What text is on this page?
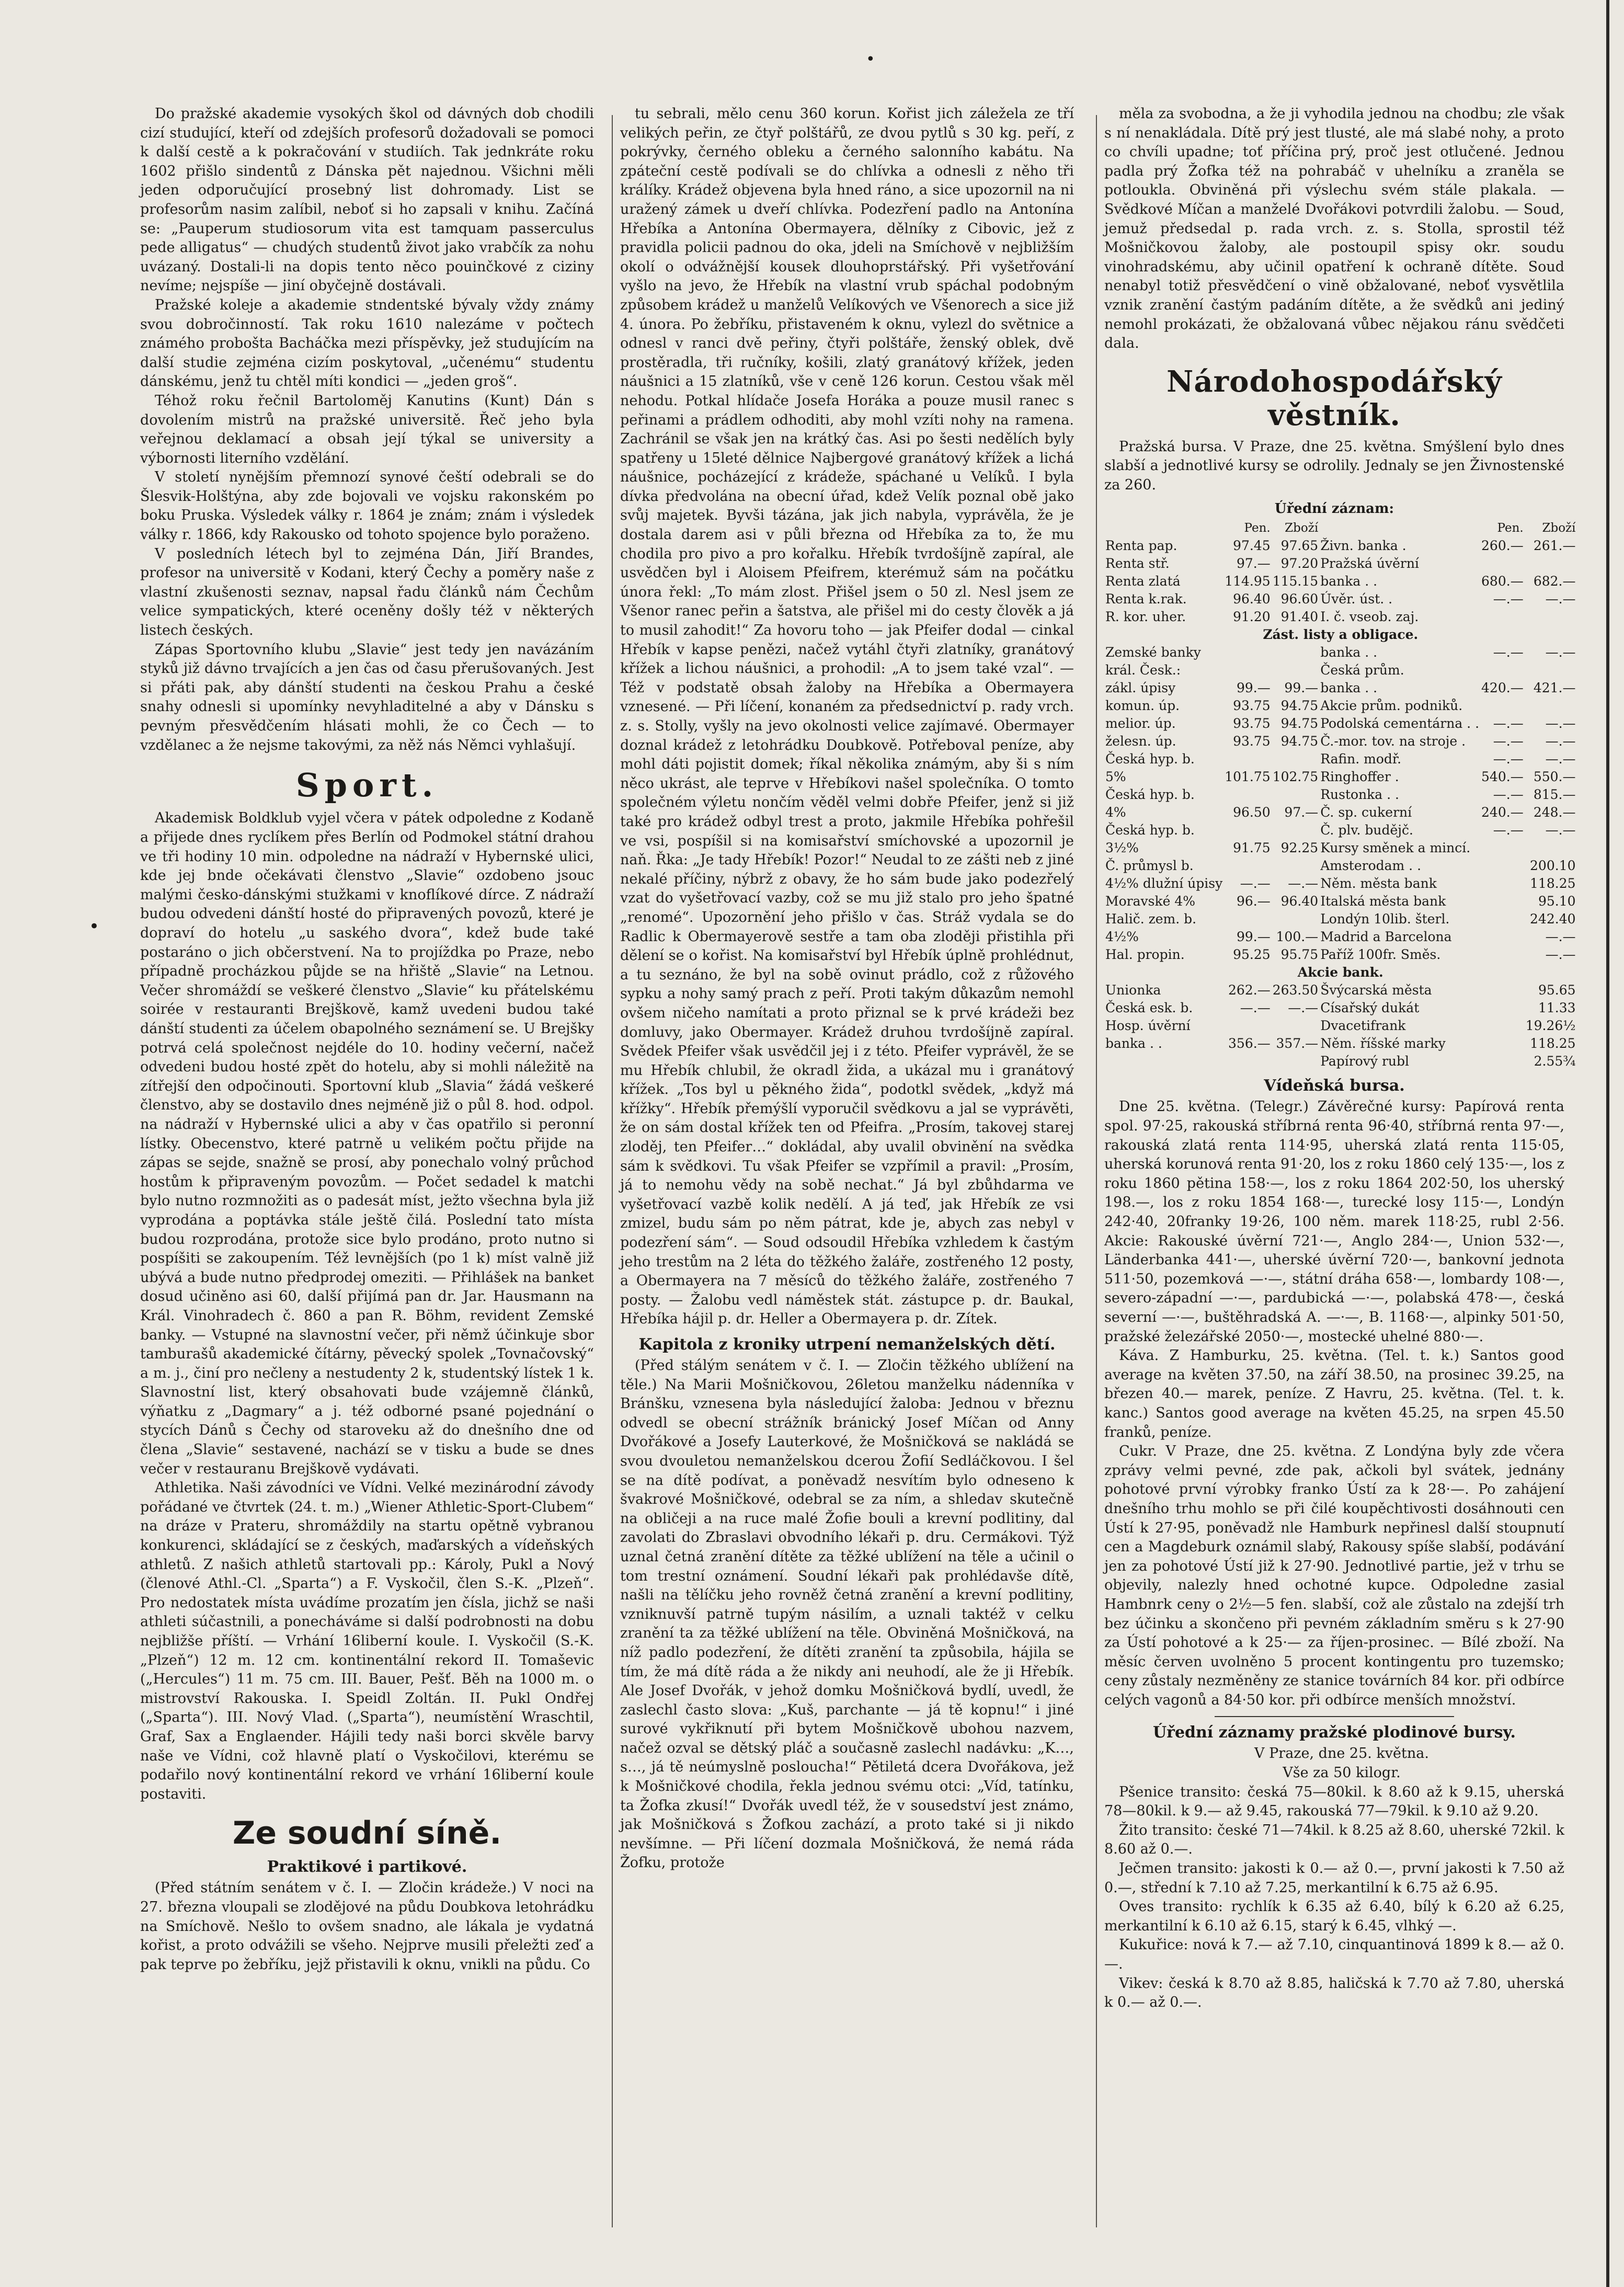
•
•

Do pražské akademie vysokých škol od dávných dob chodili cizí studující, kteří od zdejších profesorů dožadovali se pomoci k další cestě a k pokračování v studiích. Tak jednkráte roku 1602 přišlo sindentů z Dánska pět najednou. Všichni měli jeden odporučující prosebný list dohromady. List se profesorům nasim zalíbil, neboť si ho zapsali v knihu. Začíná se: „Pauperum studiosorum vita est tamquam passerculus pede alligatus“ — chudých studentů život jako vrabčík za nohu uvázaný. Dostali-li na dopis tento něco pouinčkové z ciziny nevíme; nejspíše — jiní obyčejně dostávali.

Pražské koleje a akademie stndentské bývaly vždy známy svou dobročinností. Tak roku 1610 nalezáme v počtech známého probošta Bacháčka mezi příspěvky, jež studujícím na další studie zejména cizím poskytoval, „učenému“ studentu dánskému, jenž tu chtěl míti kondici — „jeden groš“.

Téhož roku řečnil Bartoloměj Kanutins (Kunt) Dán s dovolením mistrů na pražské universitě. Řeč jeho byla veřejnou deklamací a obsah její týkal se university a výbornosti literního vzdělání.

V století nynějším přemnozí synové čeští odebrali se do Šlesvik-Holštýna, aby zde bojovali ve vojsku rakonském po boku Pruska. Výsledek války r. 1864 je znám; znám i výsledek války r. 1866, kdy Rakousko od tohoto spojence bylo poraženo.

V posledních létech byl to zejména Dán, Jiří Brandes, profesor na universitě v Kodani, který Čechy a poměry naše z vlastní zkušenosti seznav, napsal řadu článků nám Čechům velice sympatických, které oceněny došly též v některých listech českých.

Zápas Sportovního klubu „Slavie“ jest tedy jen navázáním styků již dávno trvajících a jen čas od času přerušovaných. Jest si přáti pak, aby dánští studenti na českou Prahu a české snahy odnesli si upomínky nevyhladitelné a aby v Dánsku s pevným přesvědčením hlásati mohli, že co Čech — to vzdělanec a že nejsme takovými, za něž nás Němci vyhlašují.

Sport.

Akademisk Boldklub vyjel včera v pátek odpoledne z Kodaně a přijede dnes ryclíkem přes Berlín od Podmokel státní drahou ve tři hodiny 10 min. odpoledne na nádraží v Hybernské ulici, kde jej bnde očekávati členstvo „Slavie“ ozdobeno jsouc malými česko-dánskými stužkami v knoflíkové dírce. Z nádraží budou odvedeni dánští hosté do připravených povozů, které je dopraví do hotelu „u saského dvora“, kdež bude také postaráno o jich občerstvení. Na to projíždka po Praze, nebo případně procházkou půjde se na hřiště „Slavie“ na Letnou. Večer shromáždí se veškeré členstvo „Slavie“ ku přátelskému soirée v restauranti Brejškově, kamž uvedeni budou také dánští studenti za účelem obapolného seznámení se. U Brejšky potrvá celá společnost nejdéle do 10. hodiny večerní, načež odvedeni budou hosté zpět do hotelu, aby si mohli náležitě na zítřejší den odpočinouti. Sportovní klub „Slavia“ žádá veškeré členstvo, aby se dostavilo dnes nejméně již o půl 8. hod. odpol. na nádraží v Hybernské ulici a aby v čas opatřilo si peronní lístky. Obecenstvo, které patrně u velikém počtu přijde na zápas se sejde, snažně se prosí, aby ponechalo volný průchod hostům k připraveným povozům. — Počet sedadel k matchi bylo nutno rozmnožiti as o padesát míst, ježto všechna byla již vyprodána a poptávka stále ještě čilá. Poslední tato místa budou rozprodána, protože sice bylo prodáno, proto nutno si pospíšiti se zakoupením. Též levnějších (po 1 k) míst valně již ubývá a bude nutno předprodej omeziti. — Přihlášek na banket dosud učiněno asi 60, další přijímá pan dr. Jar. Hausmann na Král. Vinohradech č. 860 a pan R. Böhm, revident Zemské banky. — Vstupné na slavnostní večer, při němž účinkuje sbor tamburašů akademické čítárny, pěvecký spolek „Tovnačovský“ a m. j., činí pro nečleny a nestudenty 2 k, studentský lístek 1 k. Slavnostní list, který obsahovati bude vzájemně článků, výňatku z „Dagmary“ a j. též odborné psané pojednání o stycích Dánů s Čechy od staroveku až do dnešního dne od člena „Slavie“ sestavené, nachází se v tisku a bude se dnes večer v restauranu Brejškově vydávati.

Athletika. Naši závodníci ve Vídni. Velké mezinárodní závody pořádané ve čtvrtek (24. t. m.) „Wiener Athletic-Sport-Clubem“ na dráze v Prateru, shromáždily na startu opětně vybranou konkurenci, skládající se z českých, maďarských a vídeňských athletů. Z našich athletů startovali pp.: Károly, Pukl a Nový (členové Athl.-Cl. „Sparta“) a F. Vyskočil, člen S.-K. „Plzeň“. Pro nedostatek místa uvádíme prozatím jen čísla, jichž se naši athleti súčastnili, a ponecháváme si další podrobnosti na dobu nejbližše příští. — Vrhání 16liberní koule. I. Vyskočil (S.-K. „Plzeň“) 12 m. 12 cm. kontinentální rekord II. Tomaševic („Hercules“) 11 m. 75 cm. III. Bauer, Pešť. Běh na 1000 m. o mistrovství Rakouska. I. Speidl Zoltán. II. Pukl Ondřej („Sparta“). III. Nový Vlad. („Sparta“), neumístění Wraschtil, Graf, Sax a Englaender. Hájili tedy naši borci skvěle barvy naše ve Vídni, což hlavně platí o Vyskočilovi, kterému se podařilo nový kontinentální rekord ve vrhání 16liberní koule postaviti.

Ze soudní síně.
Praktikové i partikové.

(Před státním senátem v č. I. — Zločin krádeže.) V noci na 27. března vloupali se zlodějové na půdu Doubkova letohrádku na Smíchově. Nešlo to ovšem snadno, ale lákala je vydatná kořist, a proto odvážili se všeho. Nejprve musili přeležti zeď a pak teprve po žebříku, jejž přistavili k oknu, vnikli na půdu. Co

tu sebrali, mělo cenu 360 korun. Kořist jich záležela ze tří velikých peřin, ze čtyř polštářů, ze dvou pytlů s 30 kg. peří, z pokrývky, černého obleku a černého salonního kabátu. Na zpáteční cestě podívali se do chlívka a odnesli z něho tři králíky. Krádež objevena byla hned ráno, a sice upozornil na ni uražený zámek u dveří chlívka. Podezření padlo na Antonína Hřebíka a Antonína Obermayera, dělníky z Cibovic, jež z pravidla policii padnou do oka, jdeli na Smíchově v nejbližším okolí o odvážnější kousek dlouhoprstářský. Při vyšetřování vyšlo na jevo, že Hřebík na vlastní vrub spáchal podobným způsobem krádež u manželů Velíkových ve Všenorech a sice již 4. února. Po žebříku, přistaveném k oknu, vylezl do světnice a odnesl v ranci dvě peřiny, čtyři polštáře, ženský oblek, dvě prostěradla, tři ručníky, košili, zlatý granátový křížek, jeden náušnici a 15 zlatníků, vše v ceně 126 korun. Cestou však měl nehodu. Potkal hlídače Josefa Horáka a pouze musil ranec s peřinami a prádlem odhoditi, aby mohl vzíti nohy na ramena. Zachránil se však jen na krátký čas. Asi po šesti nedělích byly spatřeny u 15leté dělnice Najbergové granátový křížek a lichá náušnice, pocházející z krádeže, spáchané u Velíků. I byla dívka předvolána na obecní úřad, kdež Velík poznal obě jako svůj majetek. Byvši tázána, jak jich nabyla, vyprávěla, že je dostala darem asi v půli března od Hřebíka za to, že mu chodila pro pivo a pro kořalku. Hřebík tvrdošíjně zapíral, ale usvědčen byl i Aloisem Pfeifrem, kterémuž sám na počátku února řekl: „To mám zlost. Přišel jsem o 50 zl. Nesl jsem ze Všenor ranec peřin a šatstva, ale přišel mi do cesty člověk a já to musil zahodit!“ Za hovoru toho — jak Pfeifer dodal — cinkal Hřebík v kapse penězi, načež vytáhl čtyři zlatníky, granátový křížek a lichou náušnici, a prohodil: „A to jsem také vzal“. — Též v podstatě obsah žaloby na Hřebíka a Obermayera vznesené. — Při líčení, konaném za předsednictví p. rady vrch. z. s. Stolly, vyšly na jevo okolnosti velice zajímavé. Obermayer doznal krádež z letohrádku Doubkově. Potřeboval peníze, aby mohl dáti pojistit domek; říkal několika známým, aby ši s ním něco ukrást, ale teprve v Hřebíkovi našel společníka. O tomto společném výletu nončím věděl velmi dobře Pfeifer, jenž si již také pro krádež odbyl trest a proto, jakmile Hřebíka pohřešil ve vsi, pospíšil si na komisařství smíchovské a upozornil je naň. Řka: „Je tady Hřebík! Pozor!“ Neudal to ze zášti neb z jiné nekalé příčiny, nýbrž z obavy, že ho sám bude jako podezřelý vzat do vyšetřovací vazby, což se mu již stalo pro jeho špatné „renomé“. Upozornění jeho přišlo v čas. Stráž vydala se do Radlic k Obermayerově sestře a tam oba zloději přistihla při dělení se o kořist. Na komisařství byl Hřebík úplně prohlédnut, a tu seznáno, že byl na sobě ovinut prádlo, což z růžového sypku a nohy samý prach z peří. Proti takým důkazům nemohl ovšem ničeho namítati a proto přiznal se k prvé krádeži bez domluvy, jako Obermayer. Krádež druhou tvrdošíjně zapíral. Svědek Pfeifer však usvědčil jej i z této. Pfeifer vyprávěl, že se mu Hřebík chlubil, že okradl žida, a ukázal mu i granátový křížek. „Tos byl u pěkného žida“, podotkl svědek, „když má křížky“. Hřebík přemýšlí vyporučil svědkovu a jal se vyprávěti, že on sám dostal křížek ten od Pfeifra. „Prosím, takovej starej zloděj, ten Pfeifer…“ dokládal, aby uvalil obvinění na svědka sám k svědkovi. Tu však Pfeifer se vzpřímil a pravil: „Prosím, já to nemohu vědy na sobě nechat.“ Já byl zbůhdarma ve vyšetřovací vazbě kolik nedělí. A já teď, jak Hřebík ze vsi zmizel, budu sám po něm pátrat, kde je, abych zas nebyl v podezření sám“. — Soud odsoudil Hřebíka vzhledem k častým jeho trestům na 2 léta do těžkého žaláře, zostřeného 12 posty, a Obermayera na 7 měsíců do těžkého žaláře, zostřeného 7 posty. — Žalobu vedl náměstek stát. zástupce p. dr. Baukal, Hřebíka hájil p. dr. Heller a Obermayera p. dr. Zítek.

Kapitola z kroniky utrpení nemanželských dětí.

(Před stálým senátem v č. I. — Zločin těžkého ublížení na těle.) Na Marii Mošničkovou, 26letou manželku nádenníka v Bránšku, vznesena byla následující žaloba: Jednou v březnu odvedl se obecní strážník bránický Josef Míčan od Anny Dvořákové a Josefy Lauterkové, že Mošničková se nakládá se svou dvouletou nemanželskou dcerou Žofií Sedláčkovou. I šel se na dítě podívat, a poněvadž nesvítím bylo odneseno k švakrové Mošničkové, odebral se za ním, a shledav skutečně na obličeji a na ruce malé Žofie bouli a krevní podlitiny, dal zavolati do Zbraslavi obvodního lékaři p. dru. Cermákovi. Týž uznal četná zranění dítěte za těžké ublížení na těle a učinil o tom trestní oznámení. Soudní lékaři pak prohlédavše dítě, našli na tělíčku jeho rovněž četná zranění a krevní podlitiny, vzniknuvší patrně tupým násilím, a uznali taktéž v celku zranění ta za těžké ublížení na těle. Obviněná Mošničková, na níž padlo podezření, že dítěti zranění ta způsobila, hájila se tím, že má dítě ráda a že nikdy ani neuhodí, ale že ji Hřebík. Ale Josef Dvořák, v jehož domku Mošničková bydlí, uvedl, že zaslechl často slova: „Kuš, parchante — já tě kopnu!“ i jiné surové vykřiknutí při bytem Mošničkově ubohou nazvem, načež ozval se dětský pláč a současně zaslechl nadávku: „K…, s…, já tě neúmyslně posloucha!“ Pětiletá dcera Dvořákova, jež k Mošničkové chodila, řekla jednou svému otci: „Víd, tatínku, ta Žofka zkusí!“ Dvořák uvedl též, že v sousedství jest známo, jak Mošničková s Žofkou zachází, a proto také si ji nikdo nevšímne. — Při líčení dozmala Mošničková, že nemá ráda Žofku, protože

měla za svobodna, a že ji vyhodila jednou na chodbu; zle však s ní nenakládala. Dítě prý jest tlusté, ale má slabé nohy, a proto co chvíli upadne; toť příčina prý, proč jest otlučené. Jednou padla prý Žofka též na pohrabáč v uhelníku a zraněla se potloukla. Obviněná při výslechu svém stále plakala. — Svědkové Míčan a manželé Dvořákovi potvrdili žalobu. — Soud, jemuž předsedal p. rada vrch. z. s. Stolla, sprostil též Mošničkovou žaloby, ale postoupil spisy okr. soudu vinohradskému, aby učinil opatření k ochraně dítěte. Soud nenabyl totiž přesvědčení o vině obžalované, neboť vysvětlila vznik zranění častým padáním dítěte, a že svědků ani jediný nemohl prokázati, že obžalovaná vůbec nějakou ránu svědčeti dala.

Národohospodářský věstník.

Pražská bursa. V Praze, dne 25. května. Smýšlení bylo dnes slabší a jednotlivé kursy se odrolily. Jednaly se jen Živnostenské za 260.

Úřední záznam:
	Pen.	Zboží		Pen.	Zboží
Renta pap.	97.45	97.65	Živn. banka .	260.—	261.—
Renta stř.	97.—	97.20	Pražská úvěrní		
Renta zlatá	114.95	115.15	banka . .	680.—	682.—
Renta k.rak.	96.40	96.60	Úvěr. úst. .	—.—	—.—
R. kor. uher.	91.20	91.40	I. č. vseob. zaj.		
Zást. listy a obligace.					
Zemské banky			banka . .	—.—	—.—
král. Česk.:			Česká prům.		
zákl. úpisy	99.—	99.—	banka . .	420.—	421.—
komun. úp.	93.75	94.75	Akcie prům. podniků.		
melior. úp.	93.75	94.75	Podolská cementárna . .	—.—	—.—
želesn. úp.	93.75	94.75	Č.-mor. tov. na stroje .	—.—	—.—
Česká hyp. b.			Rafin. modř.	—.—	—.—
5%	101.75	102.75	Ringhoffer .	540.—	550.—
Česká hyp. b.			Rustonka . .	—.—	815.—
4%	96.50	97.—	Č. sp. cukerní	240.—	248.—
Česká hyp. b.			Č. plv. budějč.	—.—	—.—
3½%	91.75	92.25	Kursy směnek a mincí.		
Č. průmysl b.			Amsterodam . .		200.10
4½% dlužní úpisy	—.—	—.—	Něm. města bank		118.25
Moravské 4%	96.—	96.40	Italská města bank		95.10
Halič. zem. b.			Londýn 10lib. šterl.		242.40
4½%	99.—	100.—	Madrid a Barcelona		—.—
Hal. propin.	95.25	95.75	Paříž 100fr. Směs.		—.—
Akcie bank.					
Unionka	262.—	263.50	Švýcarská města		95.65
Česká esk. b.	—.—	—.—	Císařský dukát		11.33
Hosp. úvěrní			Dvacetifrank		19.26½
banka . .	356.—	357.—	Něm. říšské marky		118.25
			Papírový rubl		2.55¾
Vídeňská bursa.

Dne 25. května. (Telegr.) Závěrečné kursy: Papírová renta spol. 97·25, rakouská stříbrná renta 96·40, stříbrná renta 97·—, rakouská zlatá renta 114·95, uherská zlatá renta 115·05, uherská korunová renta 91·20, los z roku 1860 celý 135·—, los z roku 1860 pětina 158·—, los z roku 1864 202·50, los uherský 198.—, los z roku 1854 168·—, turecké losy 115·—, Londýn 242·40, 20franky 19·26, 100 něm. marek 118·25, rubl 2·56. Akcie: Rakouské úvěrní 721·—, Anglo 284·—, Union 532·—, Länderbanka 441·—, uherské úvěrní 720·—, bankovní jednota 511·50, pozemková —·—, státní dráha 658·—, lombardy 108·—, severo-západní —·—, pardubická —·—, polabská 478·—, česká severní —·—, buštěhradská A. —·—, B. 1168·—, alpinky 501·50, pražské železářské 2050·—, mostecké uhelné 880·—.

Káva. Z Hamburku, 25. května. (Tel. t. k.) Santos good average na květen 37.50, na září 38.50, na prosinec 39.25, na březen 40.— marek, peníze. Z Havru, 25. května. (Tel. t. k. kanc.) Santos good average na květen 45.25, na srpen 45.50 franků, peníze.

Cukr. V Praze, dne 25. května. Z Londýna byly zde včera zprávy velmi pevné, zde pak, ačkoli byl svátek, jednány pohotové první výrobky franko Ústí za k 28·—. Po zahájení dnešního trhu mohlo se při čilé koupěchtivosti dosáhnouti cen Ústí k 27·95, poněvadž nle Hamburk nepřinesl další stoupnutí cen a Magdeburk oznámil slabý, Rakousy spíše slabší, podávání jen za pohotové Ústí již k 27·90. Jednotlivé partie, jež v trhu se objevily, nalezly hned ochotné kupce. Odpoledne zasial Hambnrk ceny o 2½—5 fen. slabší, což ale zůstalo na zdejší trh bez účinku a skončeno při pevném základním směru s k 27·90 za Ústí pohotové a k 25·— za říjen-prosinec. — Bílé zboží. Na měsíc červen uvolněno 5 procent kontingentu pro tuzemsko; ceny zůstaly nezměněny ze stanice továrních 84 kor. při odbírce celých vagonů a 84·50 kor. při odbírce menších množství.

Úřední záznamy pražské plodinové bursy.

V Praze, dne 25. května.

Vše za 50 kilogr.

Pšenice transito: česká 75—80kil. k 8.60 až k 9.15, uherská 78—80kil. k 9.— až 9.45, rakouská 77—79kil. k 9.10 až 9.20.

Žito transito: české 71—74kil. k 8.25 až 8.60, uherské 72kil. k 8.60 až 0.—.

Ječmen transito: jakosti k 0.— až 0.—, první jakosti k 7.50 až 0.—, střední k 7.10 až 7.25, merkantilní k 6.75 až 6.95.

Oves transito: rychlík k 6.35 až 6.40, bílý k 6.20 až 6.25, merkantilní k 6.10 až 6.15, starý k 6.45, vlhký —.

Kukuřice: nová k 7.— až 7.10, cinquantinová 1899 k 8.— až 0.—.

Vikev: česká k 8.70 až 8.85, haličská k 7.70 až 7.80, uherská k 0.— až 0.—.
